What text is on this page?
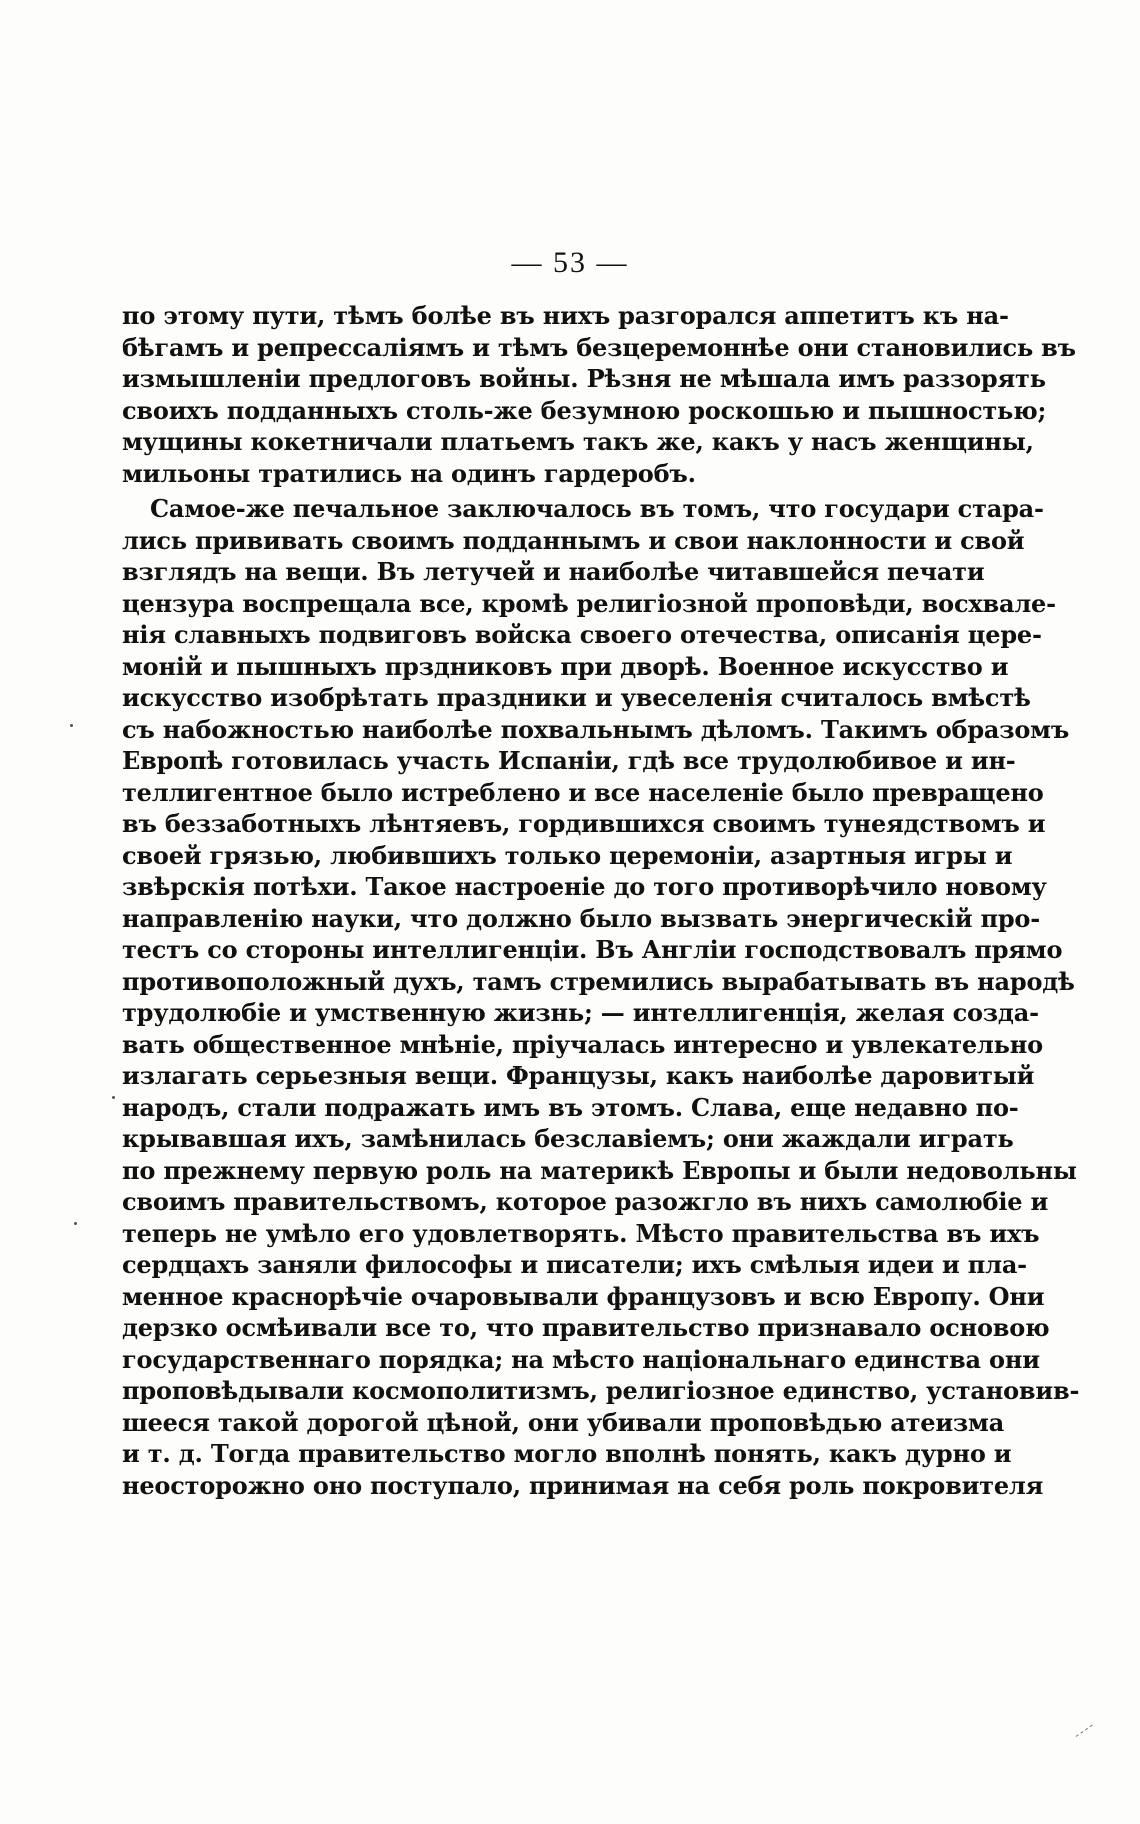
— 53 —
по этому пути, тѣмъ болѣе въ нихъ разгорался аппетитъ къ на-
бѣгамъ и репрессаліямъ и тѣмъ безцеремоннѣе они становились въ
измышленіи предлоговъ войны. Рѣзня не мѣшала имъ раззорять
своихъ подданныхъ столь-же безумною роскошью и пышностью;
мущины кокетничали платьемъ такъ же, какъ у насъ женщины,
мильоны тратились на одинъ гардеробъ.
Самое-же печальное заключалось въ томъ, что государи стара-
лись прививать своимъ подданнымъ и свои наклонности и свой
взглядъ на вещи. Въ летучей и наиболѣе читавшейся печати
цензура воспрещала все, кромѣ религіозной проповѣди, восхвале-
нія славныхъ подвиговъ войска своего отечества, описанія цере-
моній и пышныхъ прздниковъ при дворѣ. Военное искусство и
искусство изобрѣтать праздники и увеселенія считалось вмѣстѣ
съ набожностью наиболѣе похвальнымъ дѣломъ. Такимъ образомъ
Европѣ готовилась участь Испаніи, гдѣ все трудолюбивое и ин-
теллигентное было истреблено и все населеніе было превращено
въ беззаботныхъ лѣнтяевъ, гордившихся своимъ тунеядствомъ и
своей грязью, любившихъ только церемоніи, азартныя игры и
звѣрскія потѣхи. Такое настроеніе до того противорѣчило новому
направленію науки, что должно было вызвать энергическій про-
тестъ со стороны интеллигенціи. Въ Англіи господствовалъ прямо
противоположный духъ, тамъ стремились вырабатывать въ народѣ
трудолюбіе и умственную жизнь; — интеллигенція, желая созда-
вать общественное мнѣніе, пріучалась интересно и увлекательно
излагать серьезныя вещи. Французы, какъ наиболѣе даровитый
народъ, стали подражать имъ въ этомъ. Слава, еще недавно по-
крывавшая ихъ, замѣнилась безславіемъ; они жаждали играть
по прежнему первую роль на материкѣ Европы и были недовольны
своимъ правительствомъ, которое разожгло въ нихъ самолюбіе и
теперь не умѣло его удовлетворять. Мѣсто правительства въ ихъ
сердцахъ заняли философы и писатели; ихъ смѣлыя идеи и пла-
менное краснорѣчіе очаровывали французовъ и всю Европу. Они
дерзко осмѣивали все то, что правительство признавало основою
государственнаго порядка; на мѣсто національнаго единства они
проповѣдывали космополитизмъ, религіозное единство, установив-
шееся такой дорогой цѣной, они убивали проповѣдью атеизма
и т. д. Тогда правительство могло вполнѣ понять, какъ дурно и
неосторожно оно поступало, принимая на себя роль покровителя
